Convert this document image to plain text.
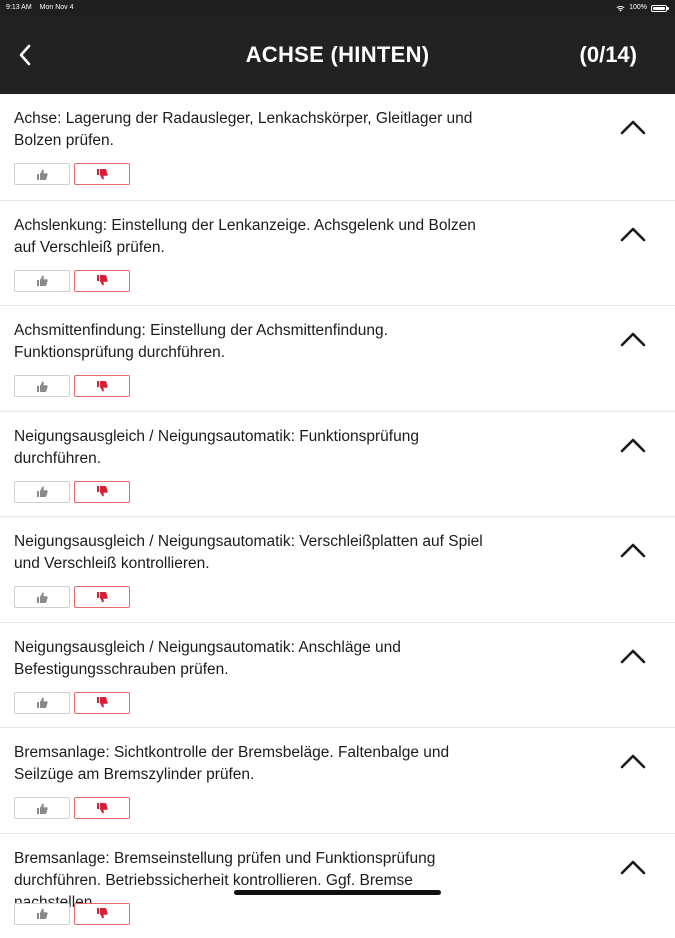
9:13 AM Mon Nov 4	100%
ACHSE (HINTEN)	(0/14)
Achse: Lagerung der Radausleger, Lenkachskörper, Gleitlager und Bolzen prüfen.
Achslenkung: Einstellung der Lenkanzeige. Achsgelenk und Bolzen auf Verschleiß prüfen.
Achsmittenfindung: Einstellung der Achsmittenfindung. Funktionsprüfung durchführen.
Neigungsausgleich / Neigungsautomatik: Funktionsprüfung durchführen.
Neigungsausgleich / Neigungsautomatik: Verschleißplatten auf Spiel und Verschleiß kontrollieren.
Neigungsausgleich / Neigungsautomatik: Anschläge und Befestigungsschrauben prüfen.
Bremsanlage: Sichtkontrolle der Bremsbeläge. Faltenbalge und Seilzüge am Bremszylinder prüfen.
Bremsanlage: Bremseinstellung prüfen und Funktionsprüfung durchführen. Betriebssicherheit kontrollieren. Ggf. Bremse
